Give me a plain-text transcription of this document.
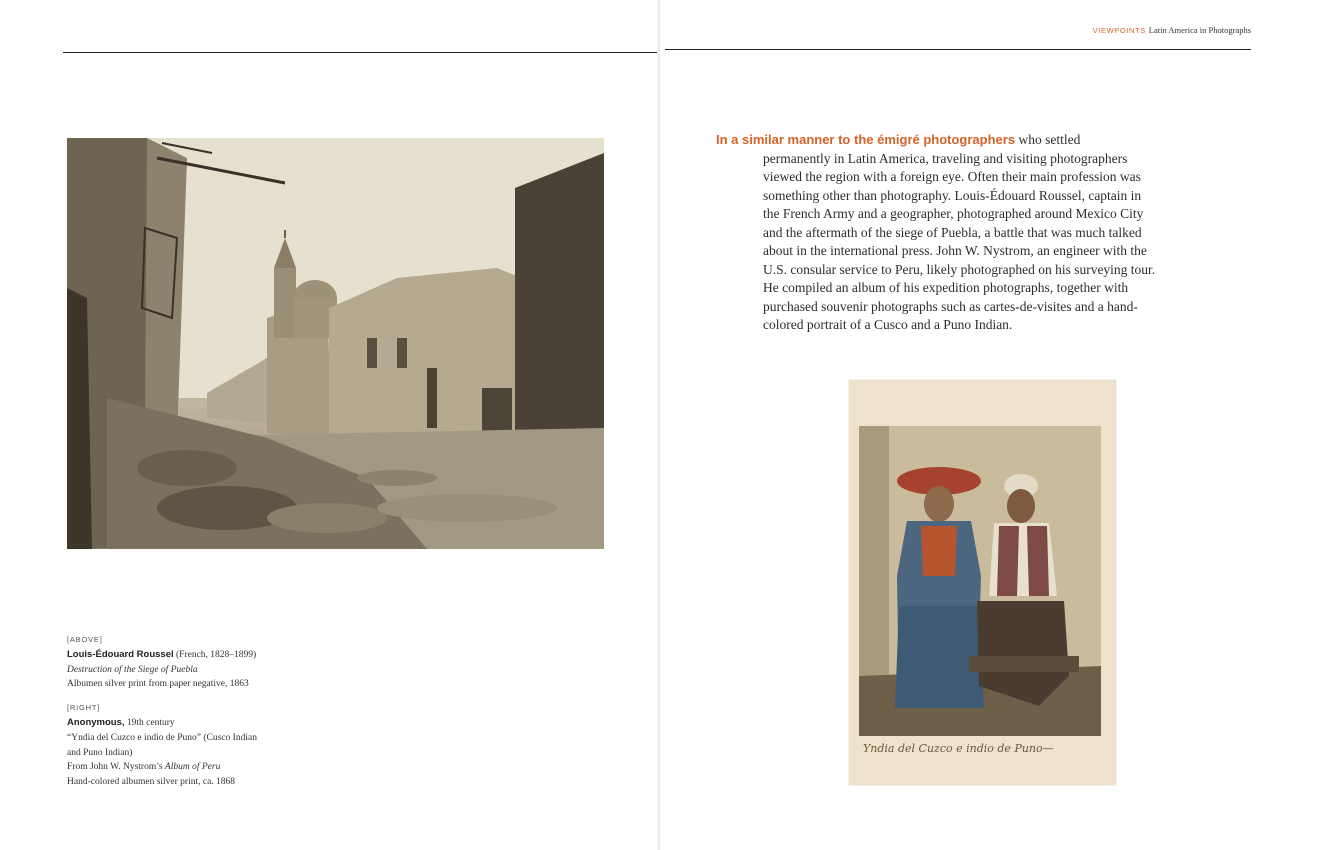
[ABOVE]
Louis-Édouard Roussel (French, 1828–1899)
Destruction of the Siege of Puebla
Albumen silver print from paper negative, 1863
[RIGHT]
Anonymous, 19th century
“Yndia del Cuzco e indio de Puno” (Cusco Indian
and Puno Indian)
From John W. Nystrom’s Album of Peru
Hand-colored albumen silver print, ca. 1868
VIEWPOINTS Latin America in Photographs
In a similar manner to the émigré photographers who settled
permanently in Latin America, traveling and visiting photographers
viewed the region with a foreign eye. Often their main profession was
something other than photography. Louis-Édouard Roussel, captain in
the French Army and a geographer, photographed around Mexico City
and the aftermath of the siege of Puebla, a battle that was much talked
about in the international press. John W. Nystrom, an engineer with the
U.S. consular service to Peru, likely photographed on his surveying tour.
He compiled an album of his expedition photographs, together with
purchased souvenir photographs such as cartes-de-visites and a hand-
colored portrait of a Cusco and a Puno Indian.
Yndia del Cuzco e indio de Puno—
